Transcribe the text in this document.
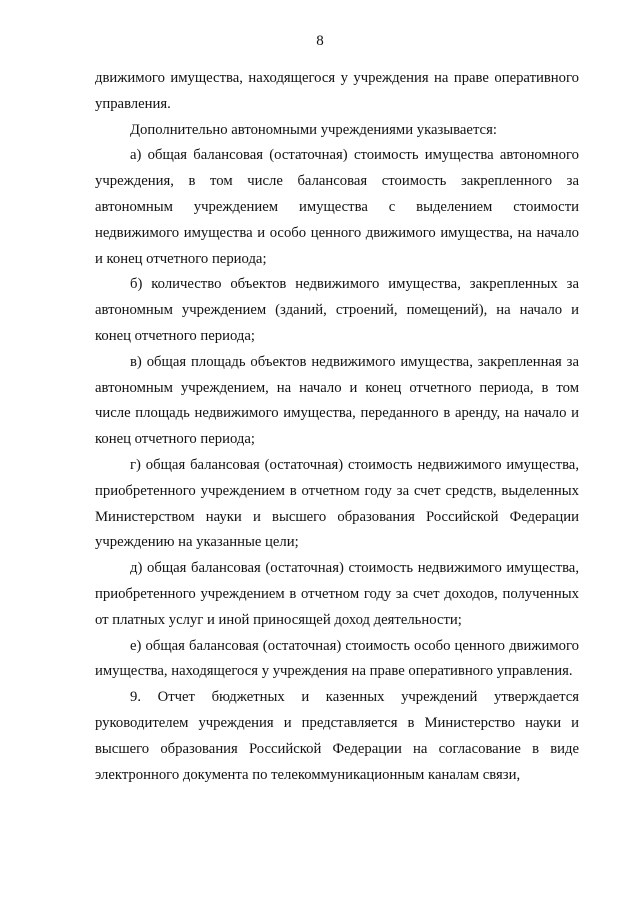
8

движимого имущества, находящегося у учреждения на праве оперативного управления.

Дополнительно автономными учреждениями указывается:

а) общая балансовая (остаточная) стоимость имущества автономного учреждения, в том числе балансовая стоимость закрепленного за автономным учреждением имущества с выделением стоимости недвижимого имущества и особо ценного движимого имущества, на начало и конец отчетного периода;

б) количество объектов недвижимого имущества, закрепленных за автономным учреждением (зданий, строений, помещений), на начало и конец отчетного периода;

в) общая площадь объектов недвижимого имущества, закрепленная за автономным учреждением, на начало и конец отчетного периода, в том числе площадь недвижимого имущества, переданного в аренду, на начало и конец отчетного периода;

г) общая балансовая (остаточная) стоимость недвижимого имущества, приобретенного учреждением в отчетном году за счет средств, выделенных Министерством науки и высшего образования Российской Федерации учреждению на указанные цели;

д) общая балансовая (остаточная) стоимость недвижимого имущества, приобретенного учреждением в отчетном году за счет доходов, полученных от платных услуг и иной приносящей доход деятельности;

е) общая балансовая (остаточная) стоимость особо ценного движимого имущества, находящегося у учреждения на праве оперативного управления.

9. Отчет бюджетных и казенных учреждений утверждается руководителем учреждения и представляется в Министерство науки и высшего образования Российской Федерации на согласование в виде электронного документа по телекоммуникационным каналам связи,
